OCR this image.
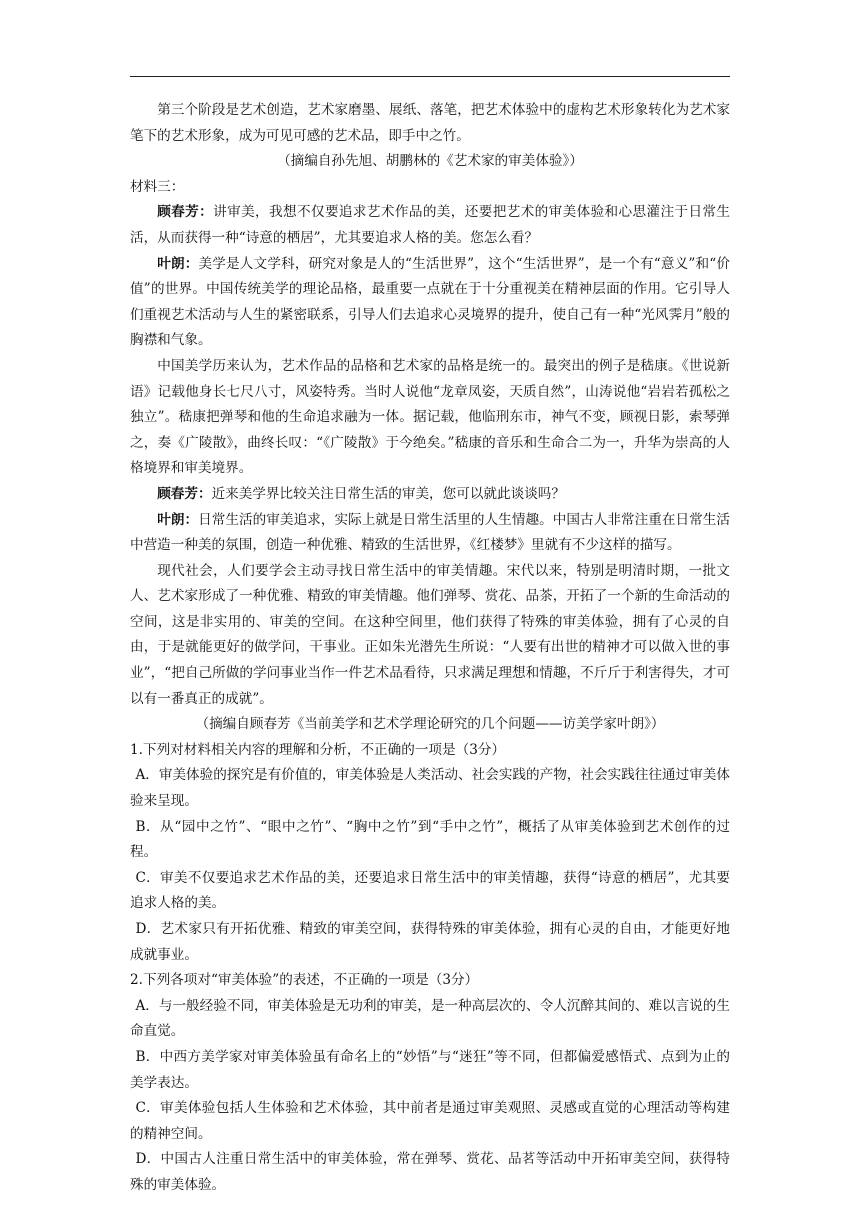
第三个阶段是艺术创造，艺术家磨墨、展纸、落笔，把艺术体验中的虚构艺术形象转化为艺术家笔下的艺术形象，成为可见可感的艺术品，即手中之竹。

（摘编自孙先旭、胡鹏林的《艺术家的审美体验》）

材料三：

顾春芳：讲审美，我想不仅要追求艺术作品的美，还要把艺术的审美体验和心思灌注于日常生活，从而获得一种“诗意的栖居”，尤其要追求人格的美。您怎么看？

叶朗：美学是人文学科，研究对象是人的“生活世界”，这个“生活世界”，是一个有“意义”和“价值”的世界。中国传统美学的理论品格，最重要一点就在于十分重视美在精神层面的作用。它引导人们重视艺术活动与人生的紧密联系，引导人们去追求心灵境界的提升，使自己有一种“光风霁月”般的胸襟和气象。

中国美学历来认为，艺术作品的品格和艺术家的品格是统一的。最突出的例子是嵇康。《世说新语》记载他身长七尺八寸，风姿特秀。当时人说他“龙章凤姿，天质自然”，山涛说他“岩岩若孤松之独立”。嵇康把弹琴和他的生命追求融为一体。据记载，他临刑东市，神气不变，顾视日影，索琴弹之，奏《广陵散》，曲终长叹：“《广陵散》于今绝矣。”嵇康的音乐和生命合二为一，升华为崇高的人格境界和审美境界。

顾春芳：近来美学界比较关注日常生活的审美，您可以就此谈谈吗？

叶朗：日常生活的审美追求，实际上就是日常生活里的人生情趣。中国古人非常注重在日常生活中营造一种美的氛围，创造一种优雅、精致的生活世界，《红楼梦》里就有不少这样的描写。

现代社会，人们要学会主动寻找日常生活中的审美情趣。宋代以来，特别是明清时期，一批文人、艺术家形成了一种优雅、精致的审美情趣。他们弹琴、赏花、品茶，开拓了一个新的生命活动的空间，这是非实用的、审美的空间。在这种空间里，他们获得了特殊的审美体验，拥有了心灵的自由，于是就能更好的做学问，干事业。正如朱光潜先生所说：“人要有出世的精神才可以做入世的事业”，“把自己所做的学问事业当作一件艺术品看待，只求满足理想和情趣，不斤斤于利害得失，才可以有一番真正的成就”。

（摘编自顾春芳《当前美学和艺术学理论研究的几个问题——访美学家叶朗》）

1.下列对材料相关内容的理解和分析，不正确的一项是（3分）

A．审美体验的探究是有价值的，审美体验是人类活动、社会实践的产物，社会实践往往通过审美体验来呈现。

B．从“园中之竹”、“眼中之竹”、“胸中之竹”到“手中之竹”，概括了从审美体验到艺术创作的过程。

C．审美不仅要追求艺术作品的美，还要追求日常生活中的审美情趣，获得“诗意的栖居”，尤其要追求人格的美。

D．艺术家只有开拓优雅、精致的审美空间，获得特殊的审美体验，拥有心灵的自由，才能更好地成就事业。

2.下列各项对“审美体验”的表述，不正确的一项是（3分）

A．与一般经验不同，审美体验是无功利的审美，是一种高层次的、令人沉醉其间的、难以言说的生命直觉。

B．中西方美学家对审美体验虽有命名上的“妙悟”与“迷狂”等不同，但都偏爱感悟式、点到为止的美学表达。

C．审美体验包括人生体验和艺术体验，其中前者是通过审美观照、灵感或直觉的心理活动等构建的精神空间。

D．中国古人注重日常生活中的审美体验，常在弹琴、赏花、品茗等活动中开拓审美空间，获得特殊的审美体验。
